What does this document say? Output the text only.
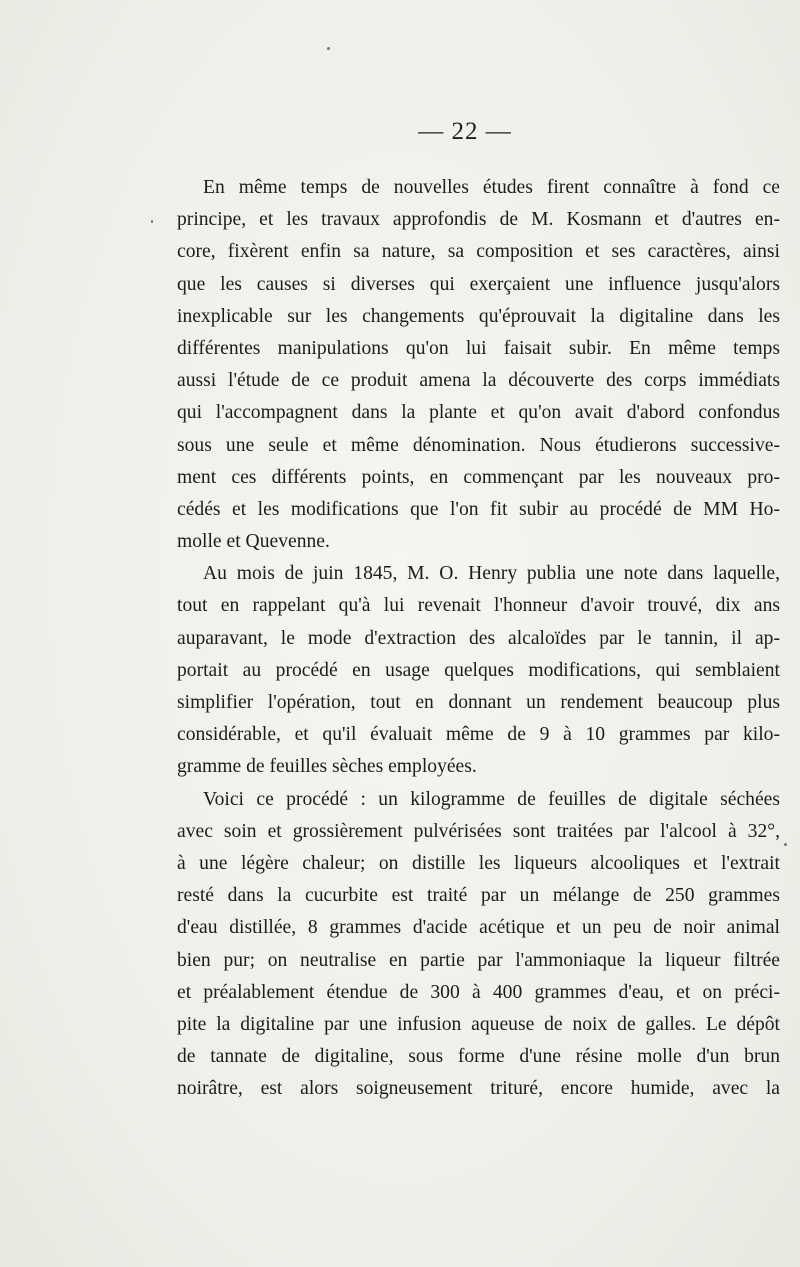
— 22 —
En même temps de nouvelles études firent connaître à fond ce
principe, et les travaux approfondis de M. Kosmann et d'autres en-
core, fixèrent enfin sa nature, sa composition et ses caractères, ainsi
que les causes si diverses qui exerçaient une influence jusqu'alors
inexplicable sur les changements qu'éprouvait la digitaline dans les
différentes manipulations qu'on lui faisait subir. En même temps
aussi l'étude de ce produit amena la découverte des corps immédiats
qui l'accompagnent dans la plante et qu'on avait d'abord confondus
sous une seule et même dénomination. Nous étudierons successive-
ment ces différents points, en commençant par les nouveaux pro-
cédés et les modifications que l'on fit subir au procédé de MM Ho-
molle et Quevenne.
Au mois de juin 1845, M. O. Henry publia une note dans laquelle,
tout en rappelant qu'à lui revenait l'honneur d'avoir trouvé, dix ans
auparavant, le mode d'extraction des alcaloïdes par le tannin, il ap-
portait au procédé en usage quelques modifications, qui semblaient
simplifier l'opération, tout en donnant un rendement beaucoup plus
considérable, et qu'il évaluait même de 9 à 10 grammes par kilo-
gramme de feuilles sèches employées.
Voici ce procédé : un kilogramme de feuilles de digitale séchées
avec soin et grossièrement pulvérisées sont traitées par l'alcool à 32°,
à une légère chaleur; on distille les liqueurs alcooliques et l'extrait
resté dans la cucurbite est traité par un mélange de 250 grammes
d'eau distillée, 8 grammes d'acide acétique et un peu de noir animal
bien pur; on neutralise en partie par l'ammoniaque la liqueur filtrée
et préalablement étendue de 300 à 400 grammes d'eau, et on préci-
pite la digitaline par une infusion aqueuse de noix de galles. Le dépôt
de tannate de digitaline, sous forme d'une résine molle d'un brun
noirâtre, est alors soigneusement trituré, encore humide, avec la
